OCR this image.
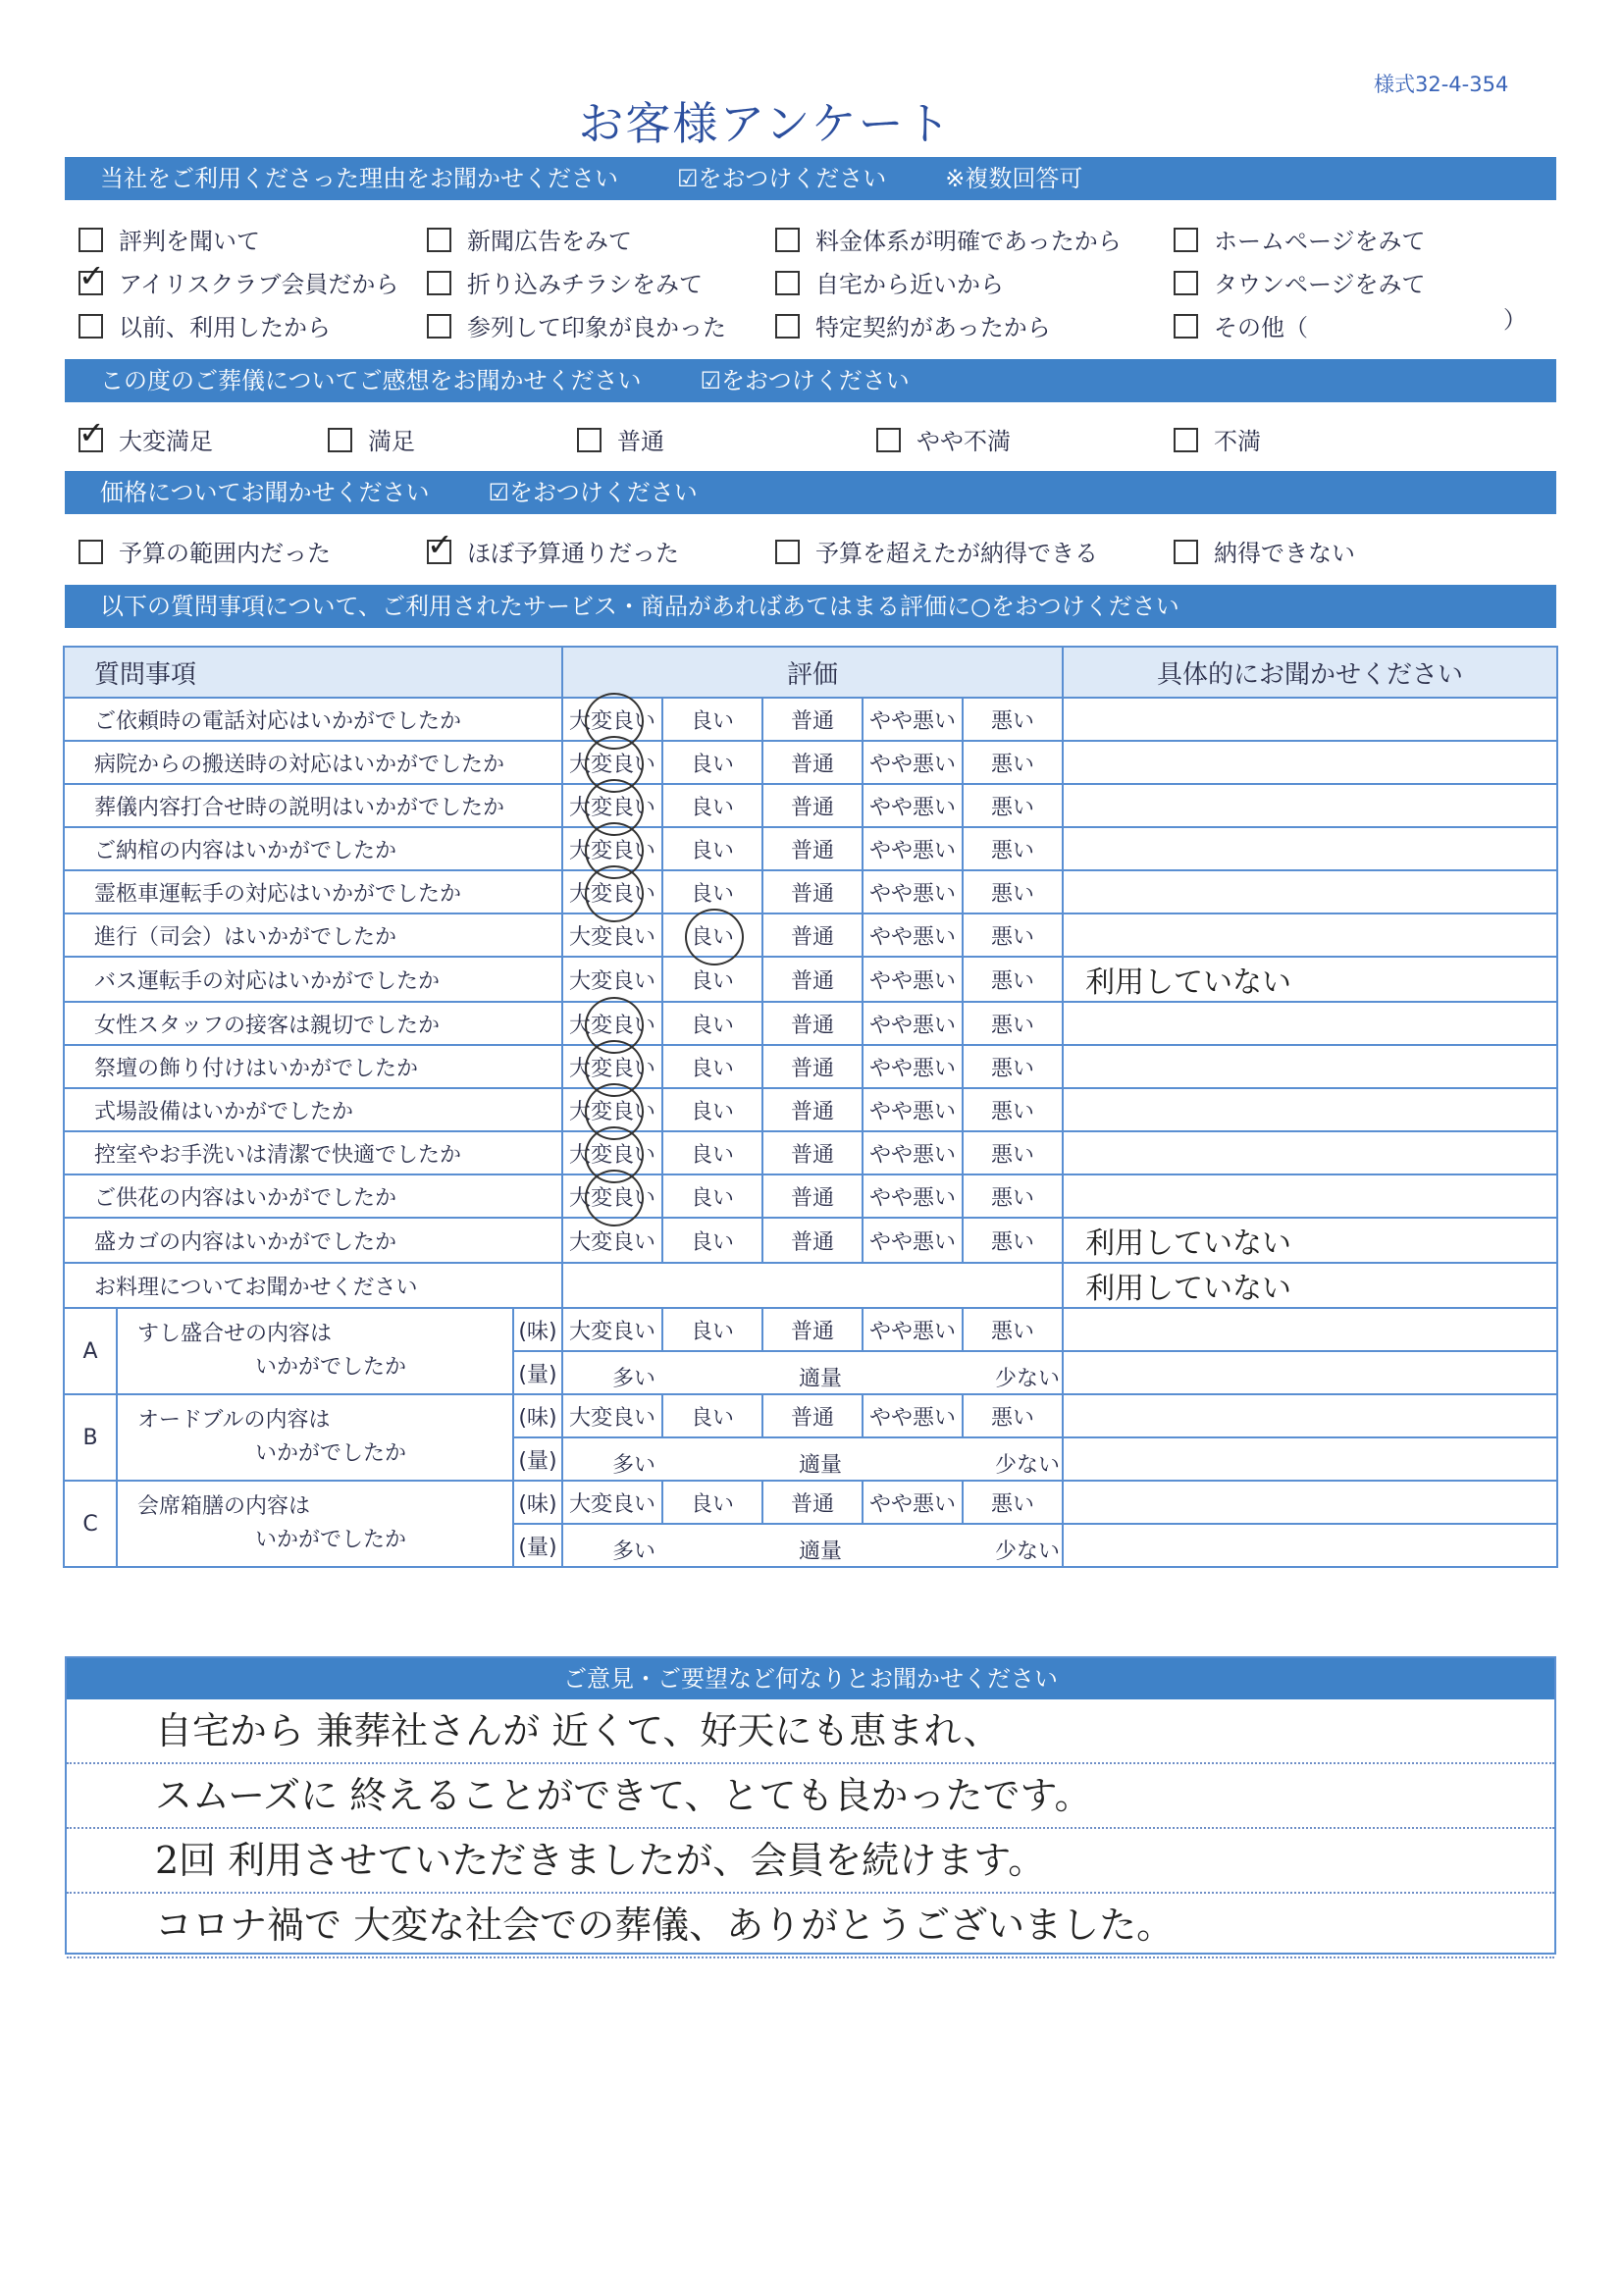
様式32-4-354
お客様アンケート
当社をご利用くださった理由をお聞かせください	☑をおつけください	※複数回答可
評判を聞いて	新聞広告をみて	料金体系が明確であったから	ホームページをみて
✓アイリスクラブ会員だから	折り込みチラシをみて	自宅から近いから	タウンページをみて
以前、利用したから	参列して印象が良かった	特定契約があったから	その他（	）
この度のご葬儀についてご感想をお聞かせください	☑をおつけください
✓大変満足	満足	普通	やや不満	不満
価格についてお聞かせください	☑をおつけください
予算の範囲内だった ✓	ほぼ予算通りだった	予算を超えたが納得できる	納得できない
以下の質問事項について、ご利用されたサービス・商品があればあてはまる評価に○をおつけください
質問事項			評価					具体的にお聞かせください
ご依頼時の電話対応はいかがでしたか			大変良い	良い	普通	やや悪い	悪い	
病院からの搬送時の対応はいかがでしたか			大変良い	良い	普通	やや悪い	悪い	
葬儀内容打合せ時の説明はいかがでしたか			大変良い	良い	普通	やや悪い	悪い	
ご納棺の内容はいかがでしたか			大変良い	良い	普通	やや悪い	悪い	
霊柩車運転手の対応はいかがでしたか			大変良い	良い	普通	やや悪い	悪い	
進行（司会）はいかがでしたか			大変良い	良い	普通	やや悪い	悪い	
バス運転手の対応はいかがでしたか			大変良い	良い	普通	やや悪い	悪い	利用していない
女性スタッフの接客は親切でしたか			大変良い	良い	普通	やや悪い	悪い	
祭壇の飾り付けはいかがでしたか			大変良い	良い	普通	やや悪い	悪い	
式場設備はいかがでしたか			大変良い	良い	普通	やや悪い	悪い	
控室やお手洗いは清潔で快適でしたか			大変良い	良い	普通	やや悪い	悪い	
ご供花の内容はいかがでしたか			大変良い	良い	普通	やや悪い	悪い	
盛カゴの内容はいかがでしたか			大変良い	良い	普通	やや悪い	悪い	利用していない
お料理についてお聞かせください								利用していない
A	すし盛合せの内容は
いかがでしたか	(味)	大変良い	良い	普通	やや悪い	悪い	
		(量)	多い 適量 少ない					

B	オードブルの内容は
いかがでしたか	(味)	大変良い	良い	普通	やや悪い	悪い	
		(量)	多い 適量 少ない					

C	会席箱膳の内容は
いかがでしたか	(味)	大変良い	良い	普通	やや悪い	悪い	
		(量)	多い 適量 少ない					

ご意見・ご要望など何なりとお聞かせください
自宅から 兼葬社さんが 近くて、好天にも恵まれ、
スムーズに 終えることができて、とても良かったです。
2回 利用させていただきましたが、会員を続けます。
コロナ禍で 大変な社会での葬儀、ありがとうございました。
